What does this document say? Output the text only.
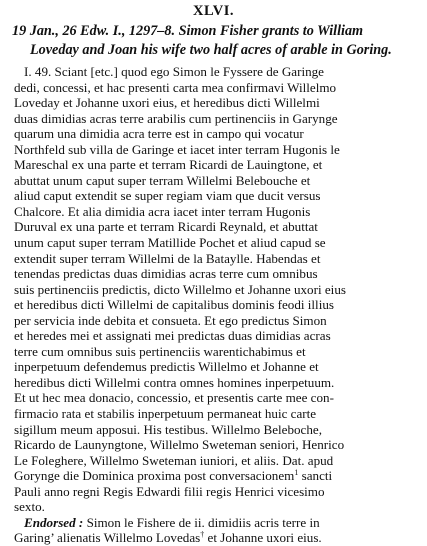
XLVI.
19 Jan., 26 Edw. I., 1297–8. Simon Fisher grants to William
Loveday and Joan his wife two half acres of arable in Goring.
I. 49. Sciant [etc.] quod ego Simon le Fyssere de Garinge
dedi, concessi, et hac presenti carta mea confirmavi Willelmo
Loveday et Johanne uxori eius, et heredibus dicti Willelmi
duas dimidias acras terre arabilis cum pertinenciis in Garynge
quarum una dimidia acra terre est in campo qui vocatur
Northfeld sub villa de Garinge et iacet inter terram Hugonis le
Mareschal ex una parte et terram Ricardi de Lauingtone, et
abuttat unum caput super terram Willelmi Belebouche et
aliud caput extendit se super regiam viam que ducit versus
Chalcore. Et alia dimidia acra iacet inter terram Hugonis
Duruval ex una parte et terram Ricardi Reynald, et abuttat
unum caput super terram Matillide Pochet et aliud capud se
extendit super terram Willelmi de la Bataylle. Habendas et
tenendas predictas duas dimidias acras terre cum omnibus
suis pertinenciis predictis, dicto Willelmo et Johanne uxori eius
et heredibus dicti Willelmi de capitalibus dominis feodi illius
per servicia inde debita et consueta. Et ego predictus Simon
et heredes mei et assignati mei predictas duas dimidias acras
terre cum omnibus suis pertinenciis warentichabimus et
inperpetuum defendemus predictis Willelmo et Johanne et
heredibus dicti Willelmi contra omnes homines inperpetuum.
Et ut hec mea donacio, concessio, et presentis carte mee con-
firmacio rata et stabilis inperpetuum permaneat huic carte
sigillum meum apposui. His testibus. Willelmo Beleboche,
Ricardo de Launyngtone, Willelmo Sweteman seniori, Henrico
Le Foleghere, Willelmo Sweteman iuniori, et aliis. Dat. apud
Gorynge die Dominica proxima post conversacionem$^1$ sancti
Pauli anno regni Regis Edwardi filii regis Henrici vicesimo
sexto.
Endorsed : Simon le Fishere de ii. dimidiis acris terre in
Garing’ alienatis Willelmo Lovedas† et Johanne uxori eius.
